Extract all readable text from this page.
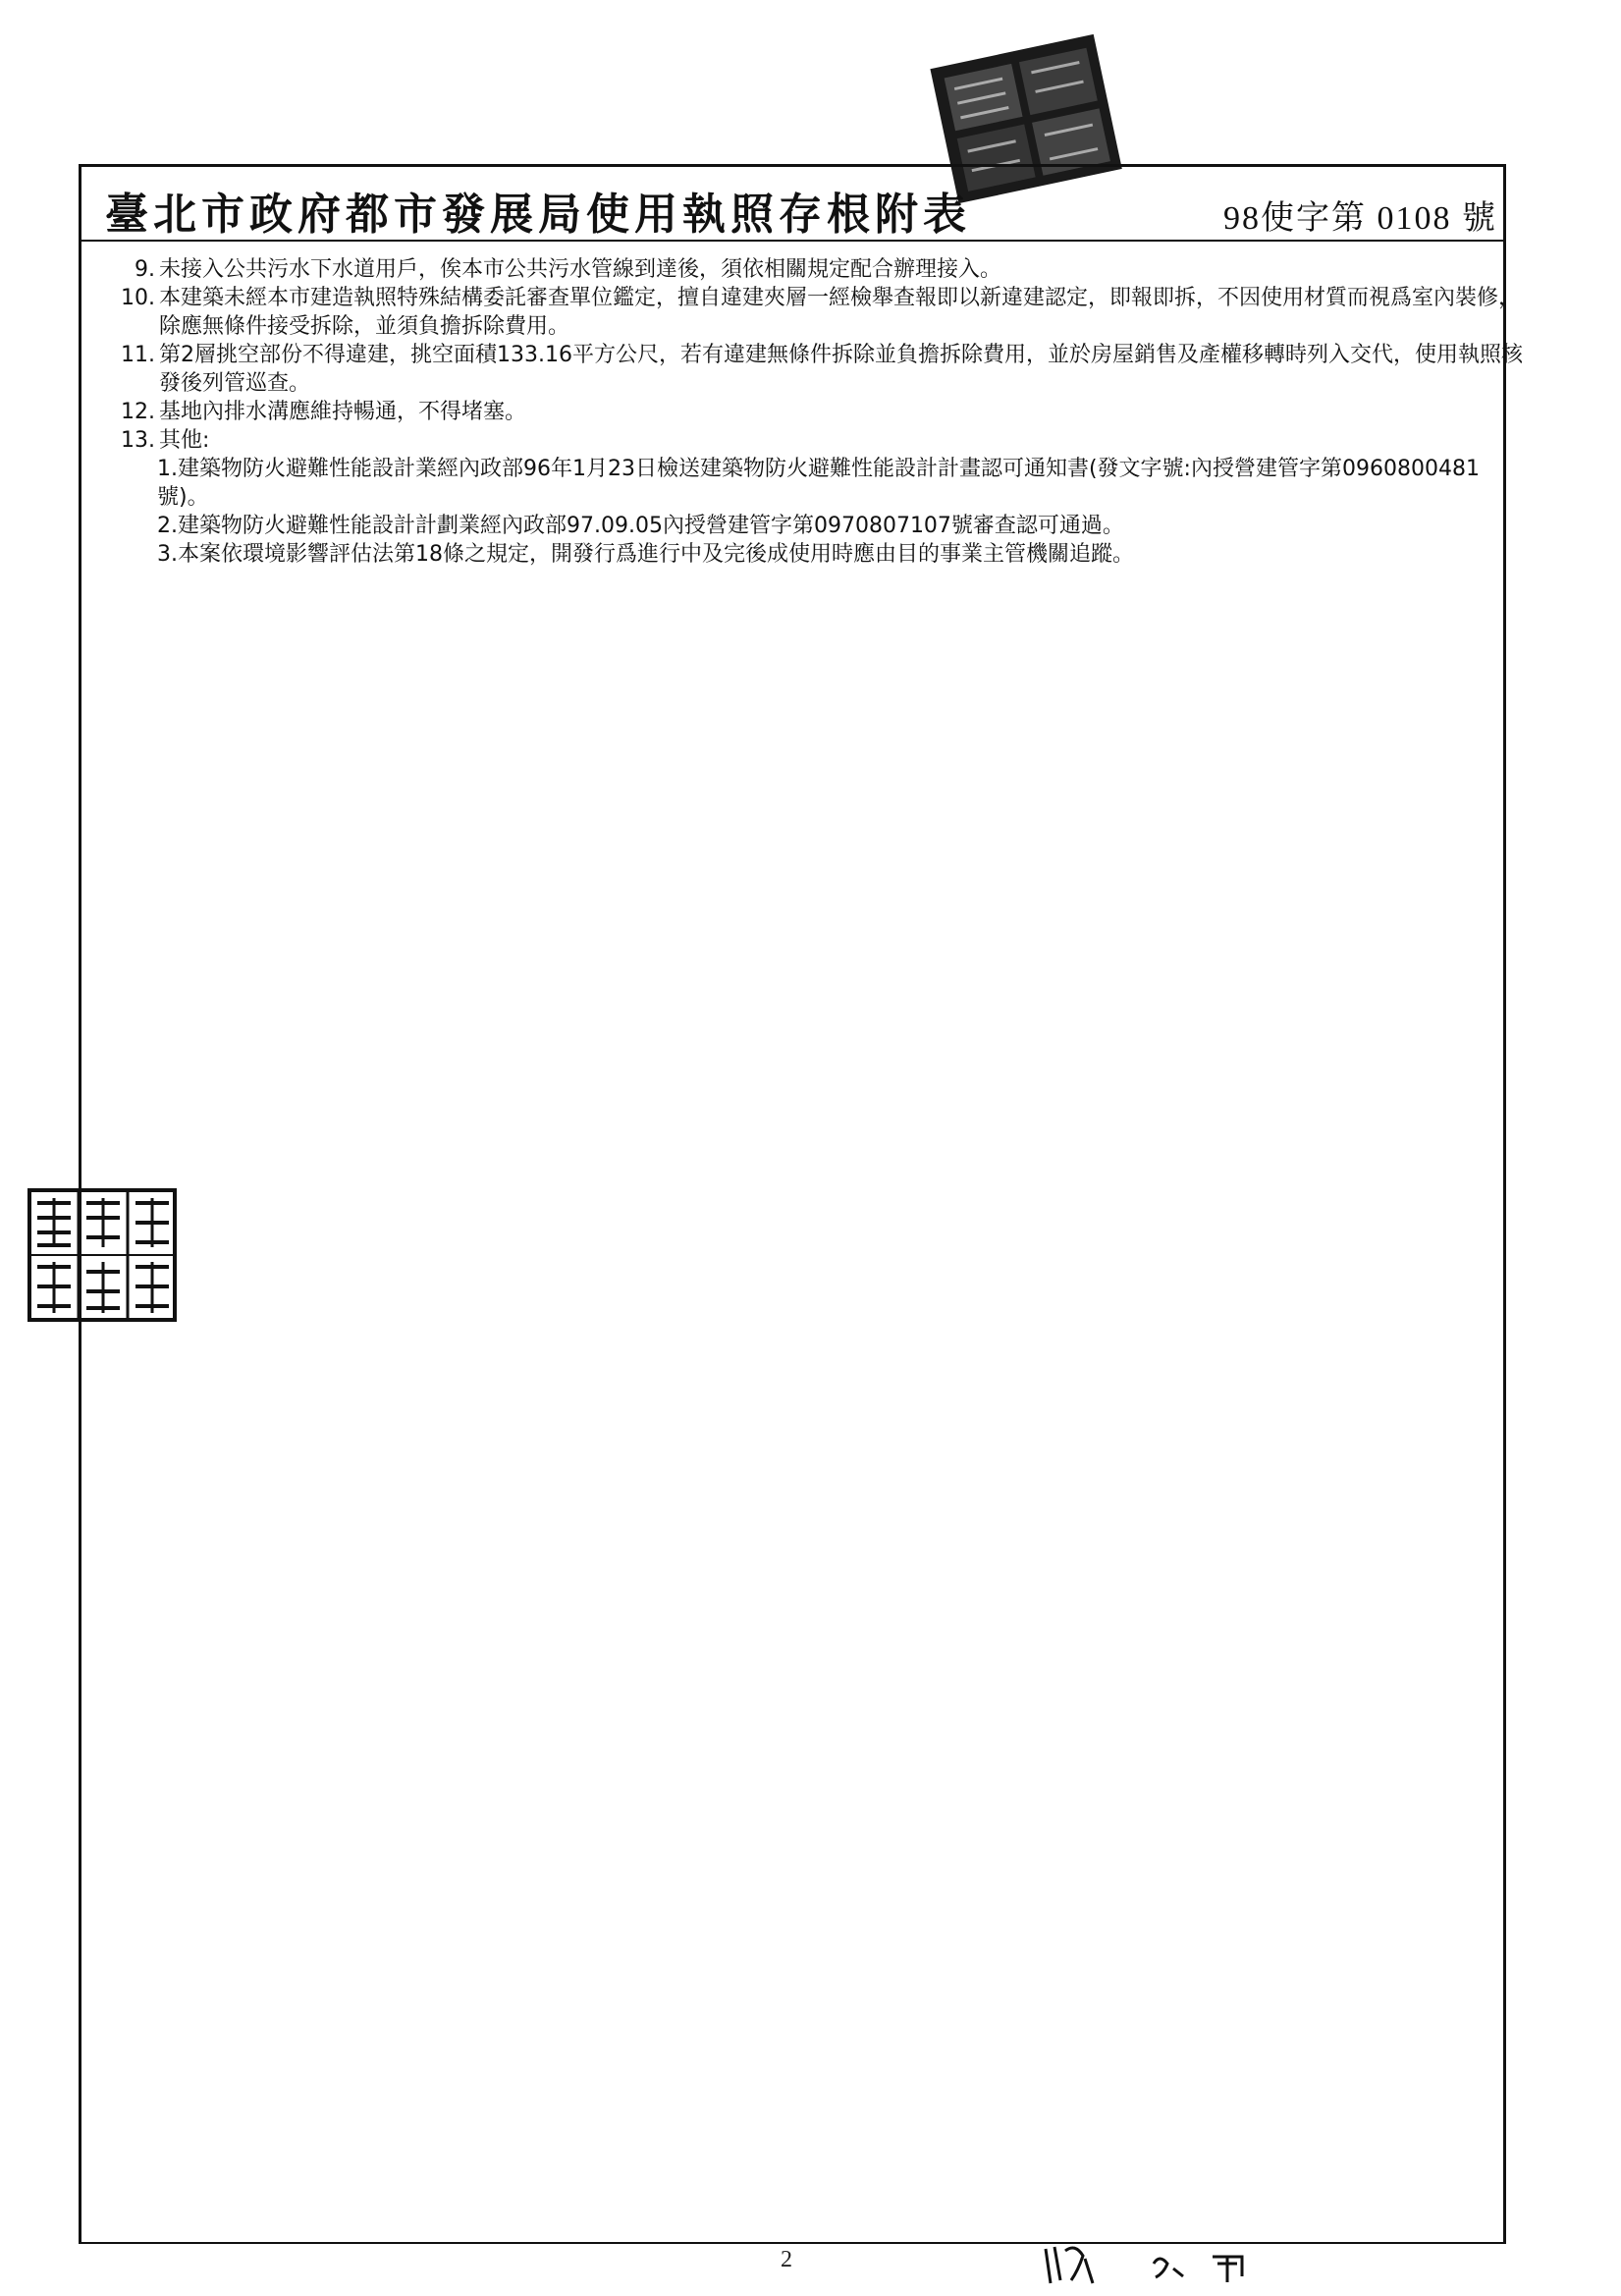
臺北市政府都市發展局使用執照存根附表	98使字第 0108 號
9. 未接入公共污水下水道用戶，俟本市公共污水管線到達後，須依相關規定配合辦理接入。
10. 本建築未經本市建造執照特殊結構委託審查單位鑑定，擅自違建夾層一經檢舉查報即以新違建認定，即報即拆，不因使用材質而視爲室內裝修，除應無條件接受拆除，並須負擔拆除費用。
11. 第2層挑空部份不得違建，挑空面積133.16平方公尺，若有違建無條件拆除並負擔拆除費用，並於房屋銷售及產權移轉時列入交代，使用執照核發後列管巡查。
12. 基地內排水溝應維持暢通，不得堵塞。
13. 其他:
1.建築物防火避難性能設計業經內政部96年1月23日檢送建築物防火避難性能設計計畫認可通知書(發文字號:內授營建管字第0960800481號)。
2.建築物防火避難性能設計計劃業經內政部97.09.05內授營建管字第0970807107號審查認可通過。
3.本案依環境影響評估法第18條之規定，開發行爲進行中及完後成使用時應由目的事業主管機關追蹤。
2
